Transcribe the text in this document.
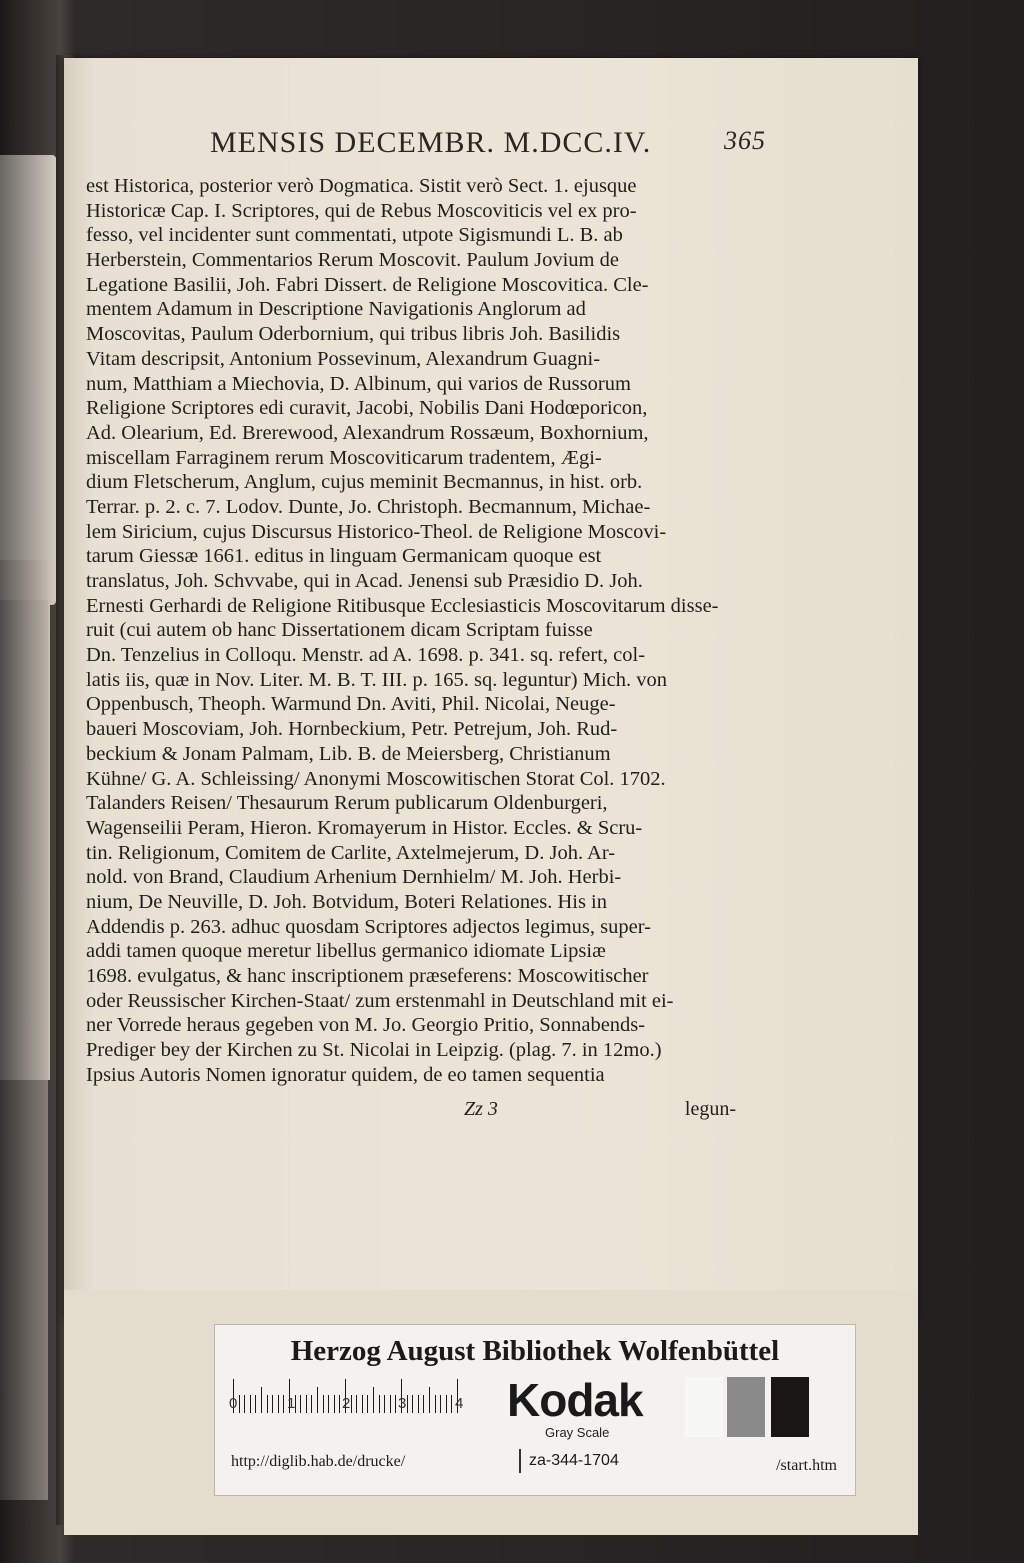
MENSIS DECEMBR. M.DCC.IV.	365
est Historica, posterior verò Dogmatica. Sistit verò Sect. 1. ejusque
Historicæ Cap. I. Scriptores, qui de Rebus Moscoviticis vel ex pro-
fesso, vel incidenter sunt commentati, utpote Sigismundi L. B. ab
Herberstein, Commentarios Rerum Moscovit. Paulum Jovium de
Legatione Basilii, Joh. Fabri Dissert. de Religione Moscovitica. Cle-
mentem Adamum in Descriptione Navigationis Anglorum ad
Moscovitas, Paulum Oderbornium, qui tribus libris Joh. Basilidis
Vitam descripsit, Antonium Possevinum, Alexandrum Guagni-
num, Matthiam a Miechovia, D. Albinum, qui varios de Russorum
Religione Scriptores edi curavit, Jacobi, Nobilis Dani Hodœporicon,
Ad. Olearium, Ed. Brerewood, Alexandrum Rossæum, Boxhornium,
miscellam Farraginem rerum Moscoviticarum tradentem, Ægi-
dium Fletscherum, Anglum, cujus meminit Becmannus, in hist. orb.
Terrar. p. 2. c. 7. Lodov. Dunte, Jo. Christoph. Becmannum, Michae-
lem Siricium, cujus Discursus Historico-Theol. de Religione Moscovi-
tarum Giessæ 1661. editus in linguam Germanicam quoque est
translatus, Joh. Schvvabe, qui in Acad. Jenensi sub Præsidio D. Joh.
Ernesti Gerhardi de Religione Ritibusque Ecclesiasticis Moscovitarum disse-
ruit (cui autem ob hanc Dissertationem dicam Scriptam fuisse
Dn. Tenzelius in Colloqu. Menstr. ad A. 1698. p. 341. sq. refert, col-
latis iis, quæ in Nov. Liter. M. B. T. III. p. 165. sq. leguntur) Mich. von
Oppenbusch, Theoph. Warmund Dn. Aviti, Phil. Nicolai, Neuge-
baueri Moscoviam, Joh. Hornbeckium, Petr. Petrejum, Joh. Rud-
beckium & Jonam Palmam, Lib. B. de Meiersberg, Christianum
Kühne/ G. A. Schleissing/ Anonymi Moscowitischen Storat Col. 1702.
Talanders Reisen/ Thesaurum Rerum publicarum Oldenburgeri,
Wagenseilii Peram, Hieron. Kromayerum in Histor. Eccles. & Scru-
tin. Religionum, Comitem de Carlite, Axtelmejerum, D. Joh. Ar-
nold. von Brand, Claudium Arhenium Dernhielm/ M. Joh. Herbi-
nium, De Neuville, D. Joh. Botvidum, Boteri Relationes. His in
Addendis p. 263. adhuc quosdam Scriptores adjectos legimus, super-
addi tamen quoque meretur libellus germanico idiomate Lipsiæ
1698. evulgatus, & hanc inscriptionem præseferens: Moscowitischer
oder Reussischer Kirchen-Staat/ zum erstenmahl in Deutschland mit ei-
ner Vorrede heraus gegeben von M. Jo. Georgio Pritio, Sonnabends-
Prediger bey der Kirchen zu St. Nicolai in Leipzig. (plag. 7. in 12mo.)
Ipsius Autoris Nomen ignoratur quidem, de eo tamen sequentia
Zz 3	legun-
Herzog August Bibliothek Wolfenbüttel
0	1	2	3	4 Kodak
Gray Scale
http://diglib.hab.de/drucke/	za-344-1704	/start.htm
